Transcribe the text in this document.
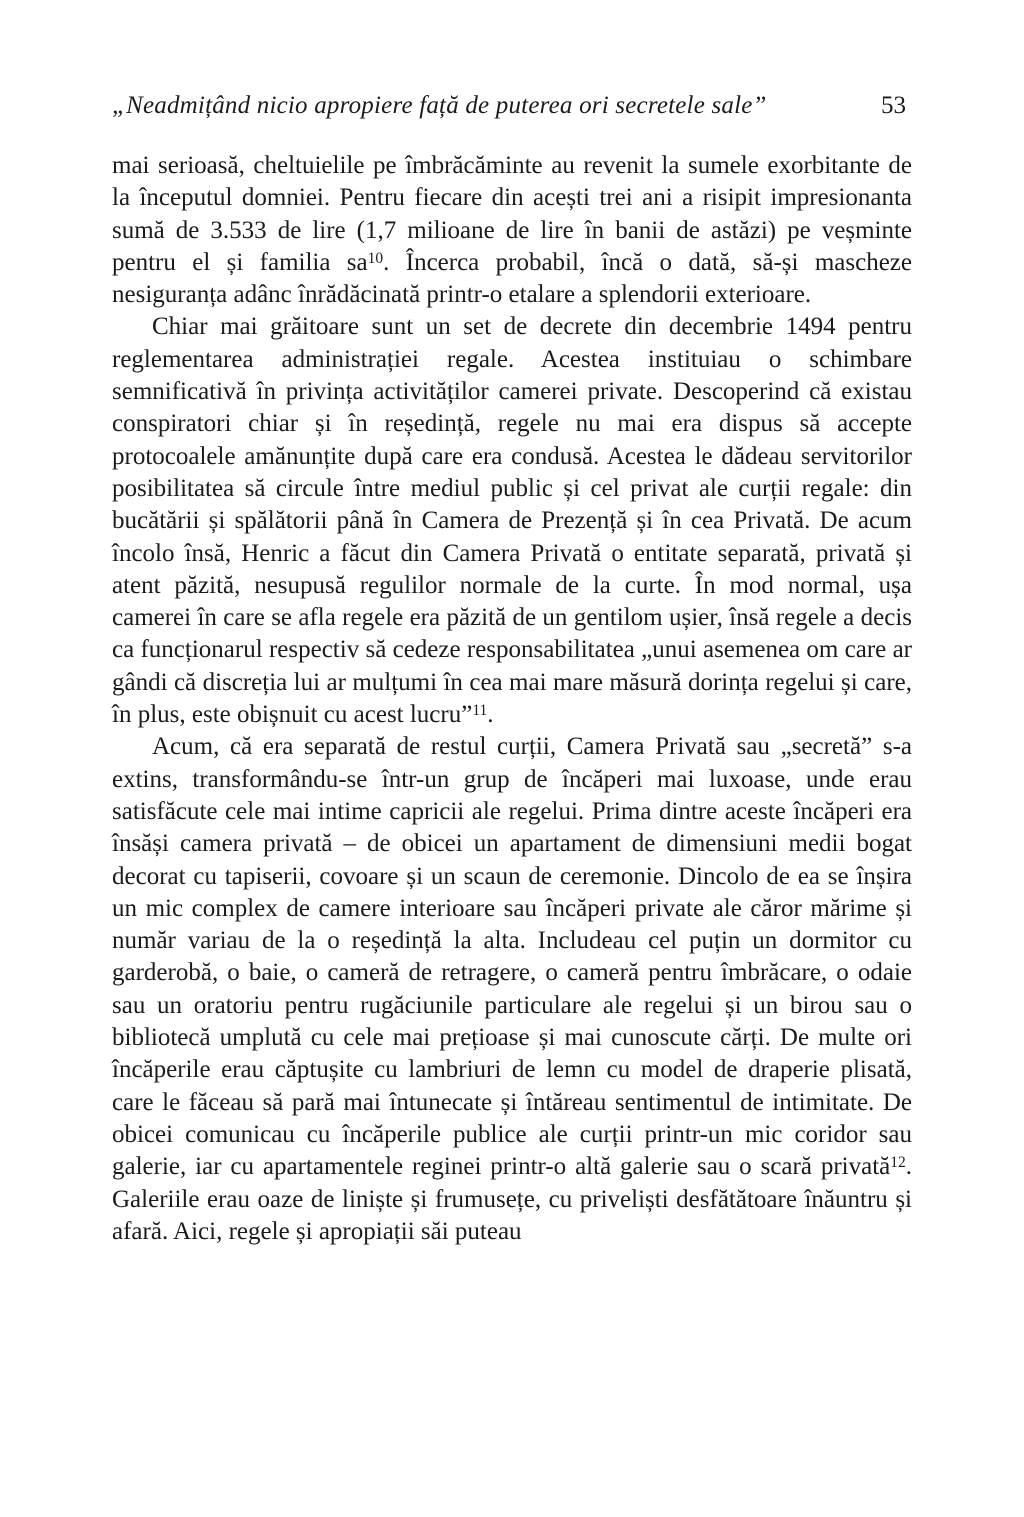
„Neadmițând nicio apropiere față de puterea ori secretele sale”	53

mai serioasă, cheltuielile pe îmbrăcăminte au revenit la sumele exorbitante de la începutul domniei. Pentru fiecare din acești trei ani a risipit impresionanta sumă de 3.533 de lire (1,7 milioane de lire în banii de astăzi) pe veșminte pentru el și familia sa$^{10}$. Încerca probabil, încă o dată, să-și mascheze nesiguranța adânc înrădăcinată printr-o etalare a splendorii exterioare.

Chiar mai grăitoare sunt un set de decrete din decembrie 1494 pentru reglementarea administrației regale. Acestea instituiau o schimbare semnificativă în privința activităților camerei private. Descoperind că existau conspiratori chiar și în reședință, regele nu mai era dispus să accepte protocoalele amănunțite după care era condusă. Acestea le dădeau servitorilor posibilitatea să circule între mediul public și cel privat ale curții regale: din bucătării și spălătorii până în Camera de Prezență și în cea Privată. De acum încolo însă, Henric a făcut din Camera Privată o entitate separată, privată și atent păzită, nesupusă regulilor normale de la curte. În mod normal, ușa camerei în care se afla regele era păzită de un gentilom ușier, însă regele a decis ca funcționarul respectiv să cedeze responsabilitatea „unui asemenea om care ar gândi că discreția lui ar mulțumi în cea mai mare măsură dorința regelui și care, în plus, este obișnuit cu acest lucru”$^{11}$.

Acum, că era separată de restul curții, Camera Privată sau „secretă” s-a extins, transformându-se într-un grup de încăperi mai luxoase, unde erau satisfăcute cele mai intime capricii ale regelui. Prima dintre aceste încăperi era însăși camera privată – de obicei un apartament de dimensiuni medii bogat decorat cu tapiserii, covoare și un scaun de ceremonie. Dincolo de ea se înșira un mic complex de camere interioare sau încăperi private ale căror mărime și număr variau de la o reședință la alta. Includeau cel puțin un dormitor cu garderobă, o baie, o cameră de retragere, o cameră pentru îmbrăcare, o odaie sau un oratoriu pentru rugăciunile particulare ale regelui și un birou sau o bibliotecă umplută cu cele mai prețioase și mai cunoscute cărți. De multe ori încăperile erau căptușite cu lambriuri de lemn cu model de draperie plisată, care le făceau să pară mai întunecate și întăreau sentimentul de intimitate. De obicei comunicau cu încăperile publice ale curții printr-un mic coridor sau galerie, iar cu apartamentele reginei printr-o altă galerie sau o scară privată$^{12}$. Galeriile erau oaze de liniște și frumusețe, cu priveliști desfătătoare înăuntru și afară. Aici, regele și apropiații săi puteau
